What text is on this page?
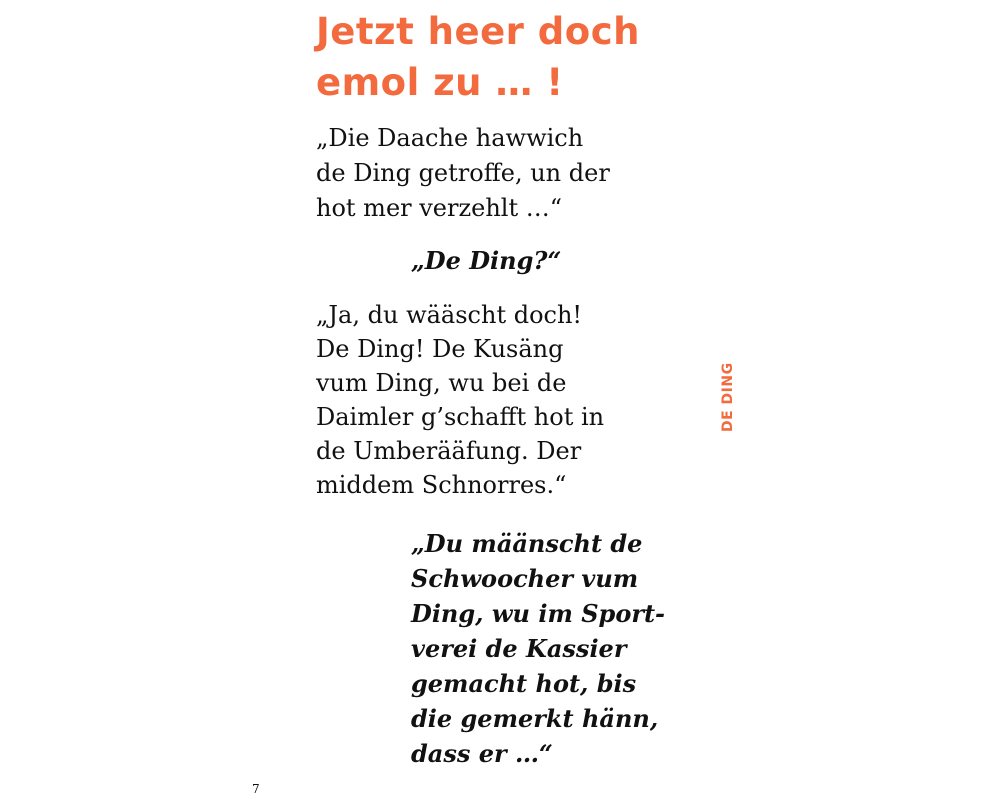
Jetzt heer doch
emol zu … !

„Die Daache hawwich
de Ding getroffe, un der
hot mer verzehlt …“

„De Ding?“

„Ja, du wääscht doch!
De Ding! De Kusäng
vum Ding, wu bei de
Daimler g’schafft hot in
de Umberääfung. Der
middem Schnorres.“

„Du määnscht de
Schwoocher vum
Ding, wu im Sport-
verei de Kassier
gemacht hot, bis
die gemerkt hänn,
dass er …“

DE DING
7
